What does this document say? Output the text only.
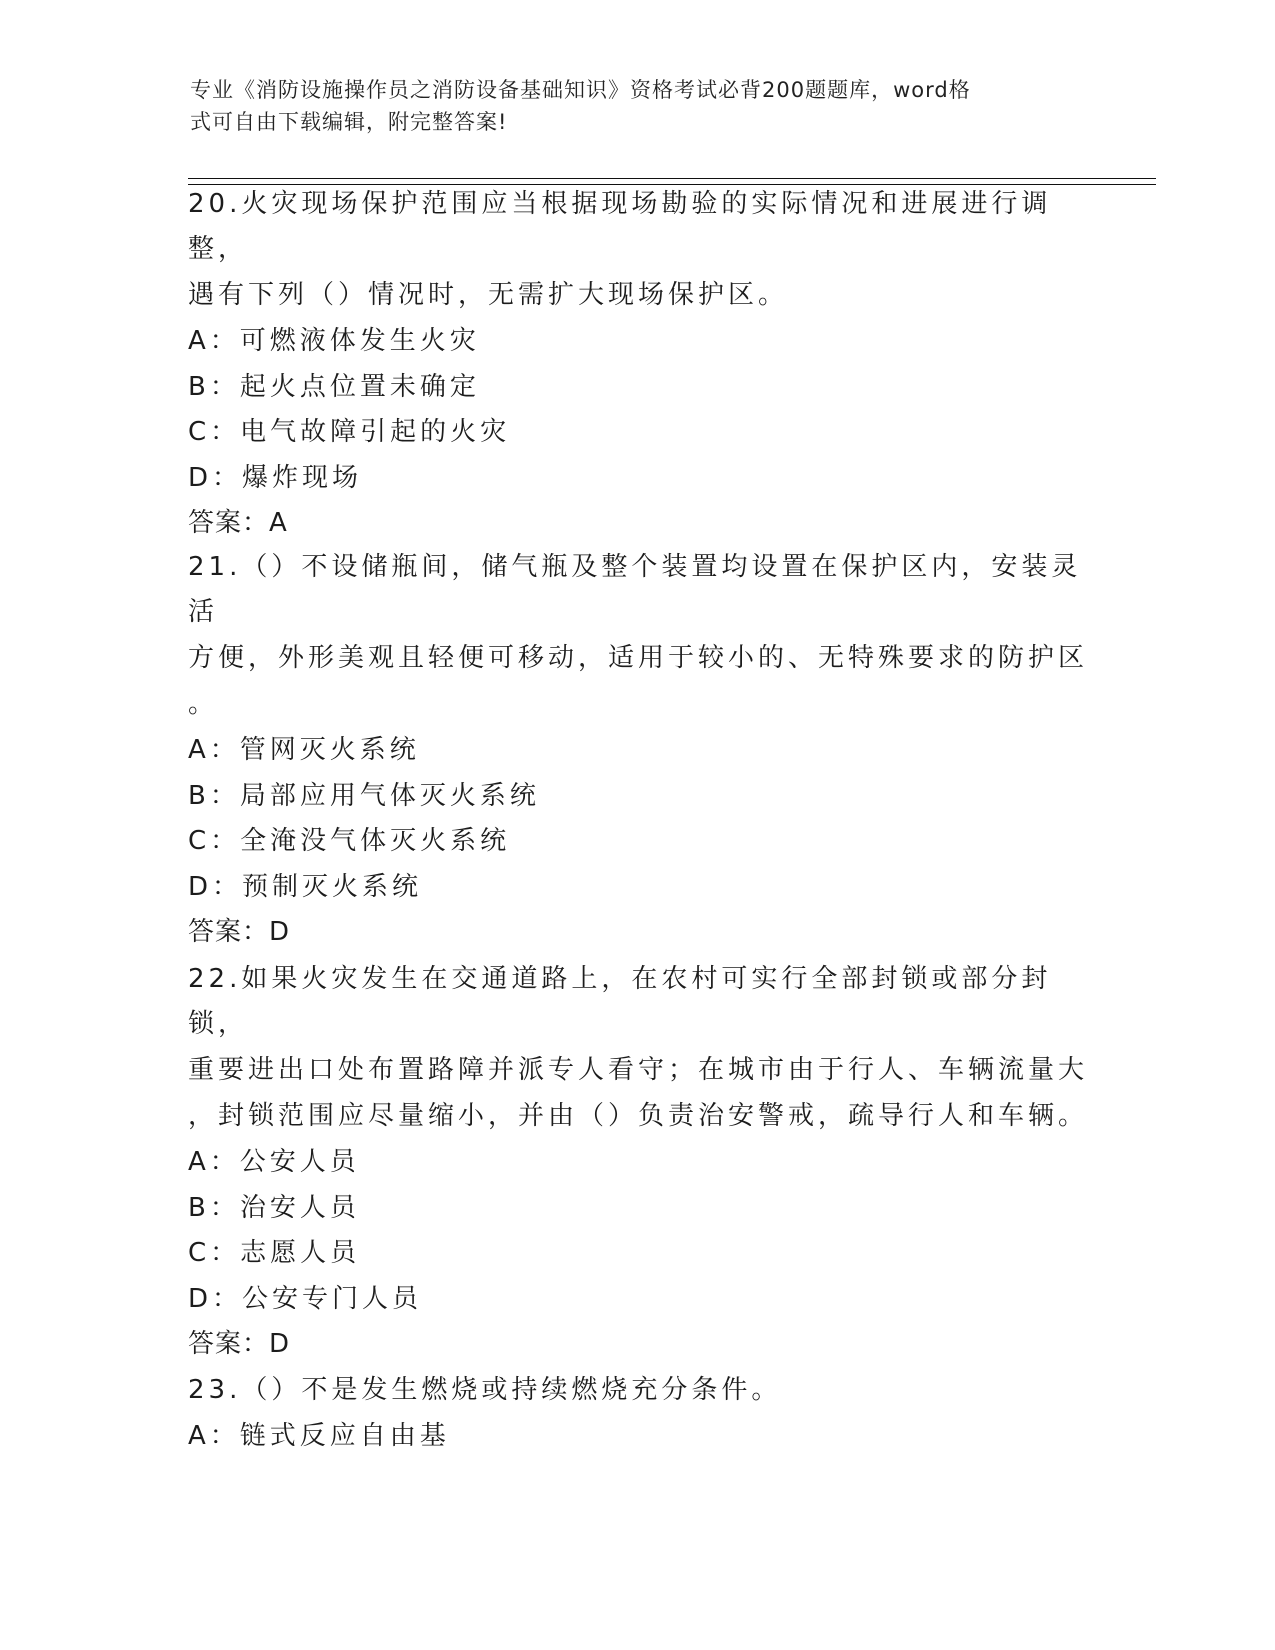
专业《消防设施操作员之消防设备基础知识》资格考试必背200题题库，word格
式可自由下载编辑，附完整答案!
20.火灾现场保护范围应当根据现场勘验的实际情况和进展进行调整，
遇有下列（）情况时，无需扩大现场保护区。
A：可燃液体发生火灾
B：起火点位置未确定
C：电气故障引起的火灾
D：爆炸现场
答案：A
21.（）不设储瓶间，储气瓶及整个装置均设置在保护区内，安装灵活
方便，外形美观且轻便可移动，适用于较小的、无特殊要求的防护区
。
A：管网灭火系统
B：局部应用气体灭火系统
C：全淹没气体灭火系统
D：预制灭火系统
答案：D
22.如果火灾发生在交通道路上，在农村可实行全部封锁或部分封锁，
重要进出口处布置路障并派专人看守；在城市由于行人、车辆流量大
，封锁范围应尽量缩小，并由（）负责治安警戒，疏导行人和车辆。
A：公安人员
B：治安人员
C：志愿人员
D：公安专门人员
答案：D
23.（）不是发生燃烧或持续燃烧充分条件。
A：链式反应自由基
